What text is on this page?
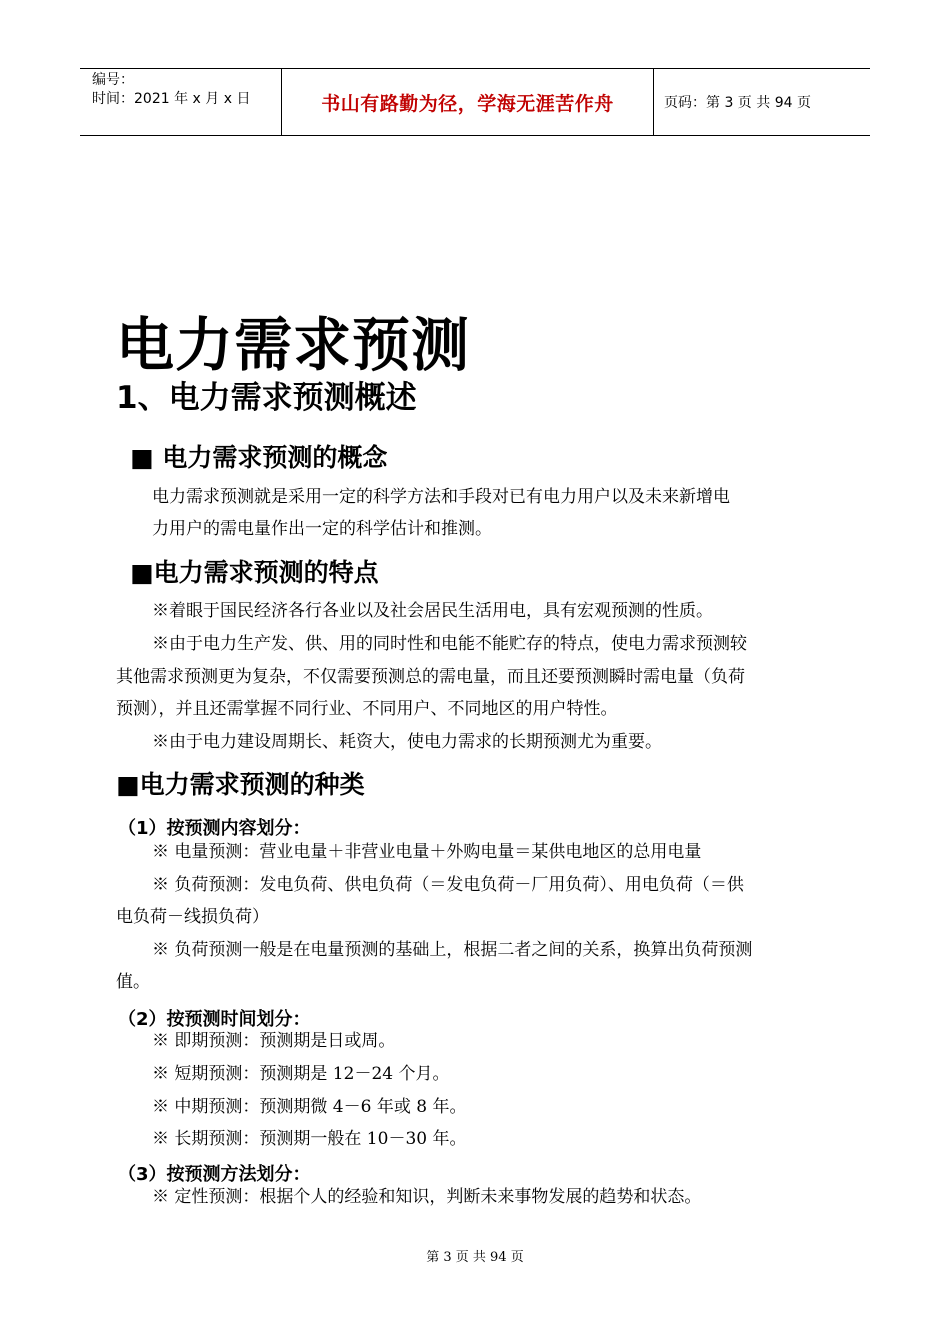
编号：
时间：2021 年 x 月 x 日	书山有路勤为径，学海无涯苦作舟	页码：第 3 页 共 94 页
电力需求预测
1、电力需求预测概述
■ 电力需求预测的概念
电力需求预测就是采用一定的科学方法和手段对已有电力用户以及未来新增电
力用户的需电量作出一定的科学估计和推测。
■电力需求预测的特点
※着眼于国民经济各行各业以及社会居民生活用电，具有宏观预测的性质。
※由于电力生产发、供、用的同时性和电能不能贮存的特点，使电力需求预测较
其他需求预测更为复杂，不仅需要预测总的需电量，而且还要预测瞬时需电量（负荷
预测），并且还需掌握不同行业、不同用户、不同地区的用户特性。
※由于电力建设周期长、耗资大，使电力需求的长期预测尤为重要。
■电力需求预测的种类
（1）按预测内容划分：
※ 电量预测：营业电量＋非营业电量＋外购电量＝某供电地区的总用电量
※ 负荷预测：发电负荷、供电负荷（＝发电负荷－厂用负荷）、用电负荷（＝供
电负荷－线损负荷）
※ 负荷预测一般是在电量预测的基础上，根据二者之间的关系，换算出负荷预测
值。
（2）按预测时间划分：
※ 即期预测：预测期是日或周。
※ 短期预测：预测期是 12－24 个月。
※ 中期预测：预测期微 4－6 年或 8 年。
※ 长期预测：预测期一般在 10－30 年。
（3）按预测方法划分：
※ 定性预测：根据个人的经验和知识，判断未来事物发展的趋势和状态。
第 3 页 共 94 页
